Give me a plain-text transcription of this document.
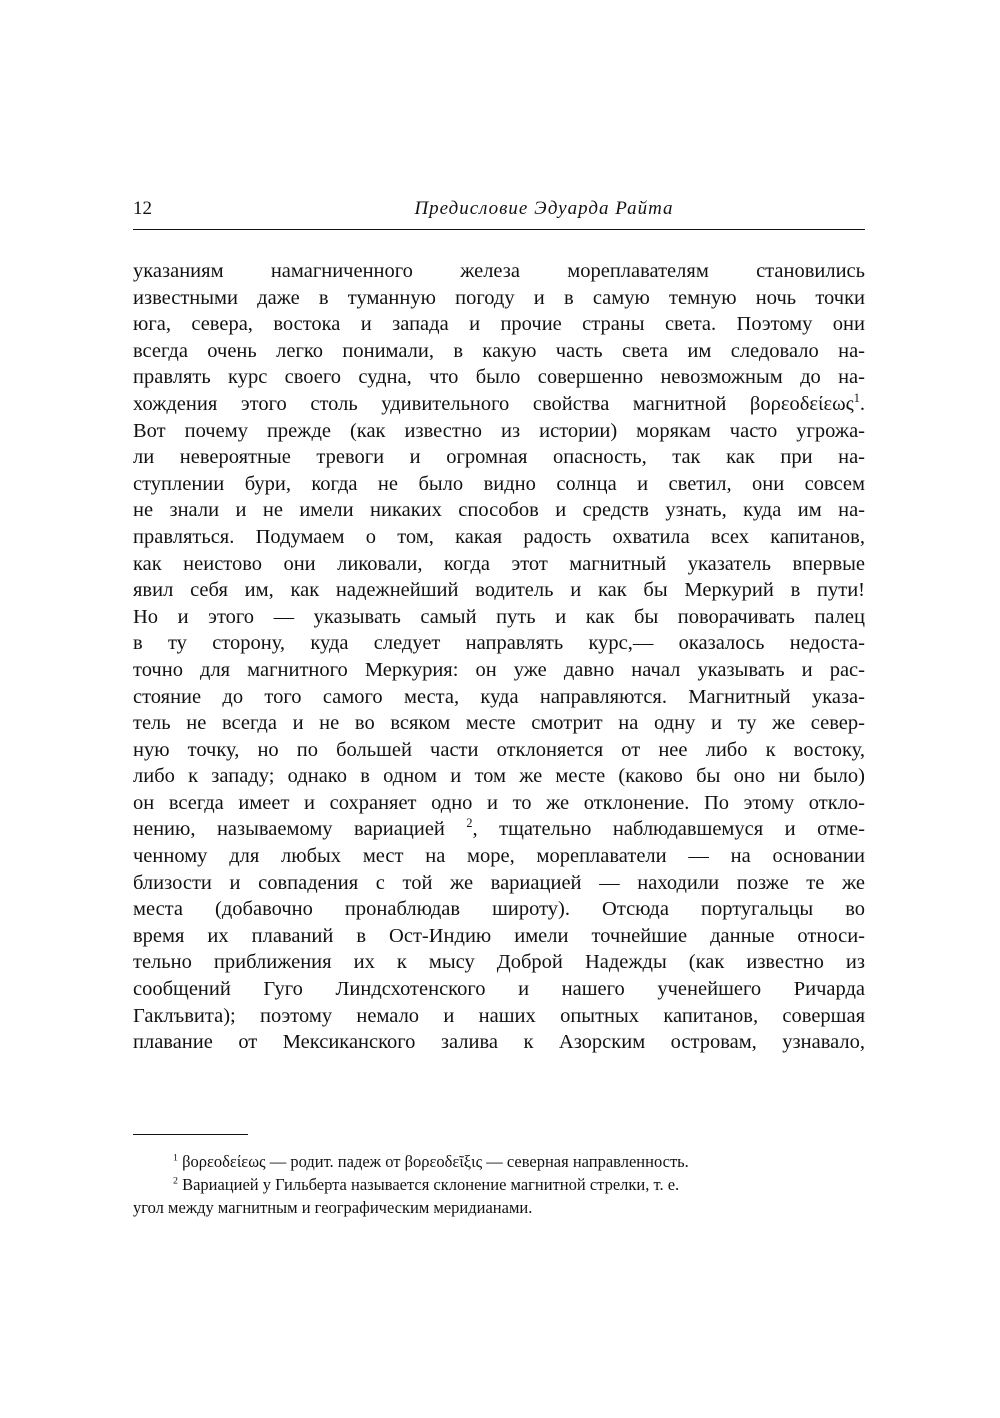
12	Предисловие Эдуарда Райта
указаниям намагниченного железа мореплавателям становились
известными даже в туманную погоду и в самую темную ночь точки
юга, севера, востока и запада и прочие страны света. Поэтому они
всегда очень легко понимали, в какую часть света им следовало на-
правлять курс своего судна, что было совершенно невозможным до на-
хождения этого столь удивительного свойства магнитной βορεοδείεως$^1$.
Вот почему прежде (как известно из истории) морякам часто угрожа-
ли невероятные тревоги и огромная опасность, так как при на-
ступлении бури, когда не было видно солнца и светил, они совсем
не знали и не имели никаких способов и средств узнать, куда им на-
правляться. Подумаем о том, какая радость охватила всех капитанов,
как неистово они ликовали, когда этот магнитный указатель впервые
явил себя им, как надежнейший водитель и как бы Меркурий в пути!
Но и этого — указывать самый путь и как бы поворачивать палец
в ту сторону, куда следует направлять курс,— оказалось недоста-
точно для магнитного Меркурия: он уже давно начал указывать и рас-
стояние до того самого места, куда направляются. Магнитный указа-
тель не всегда и не во всяком месте смотрит на одну и ту же север-
ную точку, но по большей части отклоняется от нее либо к востоку,
либо к западу; однако в одном и том же месте (каково бы оно ни было)
он всегда имеет и сохраняет одно и то же отклонение. По этому откло-
нению, называемому вариацией $^2$, тщательно наблюдавшемуся и отме-
ченному для любых мест на море, мореплаватели — на основании
близости и совпадения с той же вариацией — находили позже те же
места (добавочно пронаблюдав широту). Отсюда португальцы во
время их плаваний в Ост-Индию имели точнейшие данные относи-
тельно приближения их к мысу Доброй Надежды (как известно из
сообщений Гуго Линдсхотенского и нашего ученейшего Ричарда
Гаклъвита); поэтому немало и наших опытных капитанов, совершая
плавание от Мексиканского залива к Азорским островам, узнавало,
$^1$ βορεοδείεως — родит. падеж от βορεοδεῖξις — северная направленность.
$^2$ Вариацией у Гильберта называется склонение магнитной стрелки, т. е.
угол между магнитным и географическим меридианами.
